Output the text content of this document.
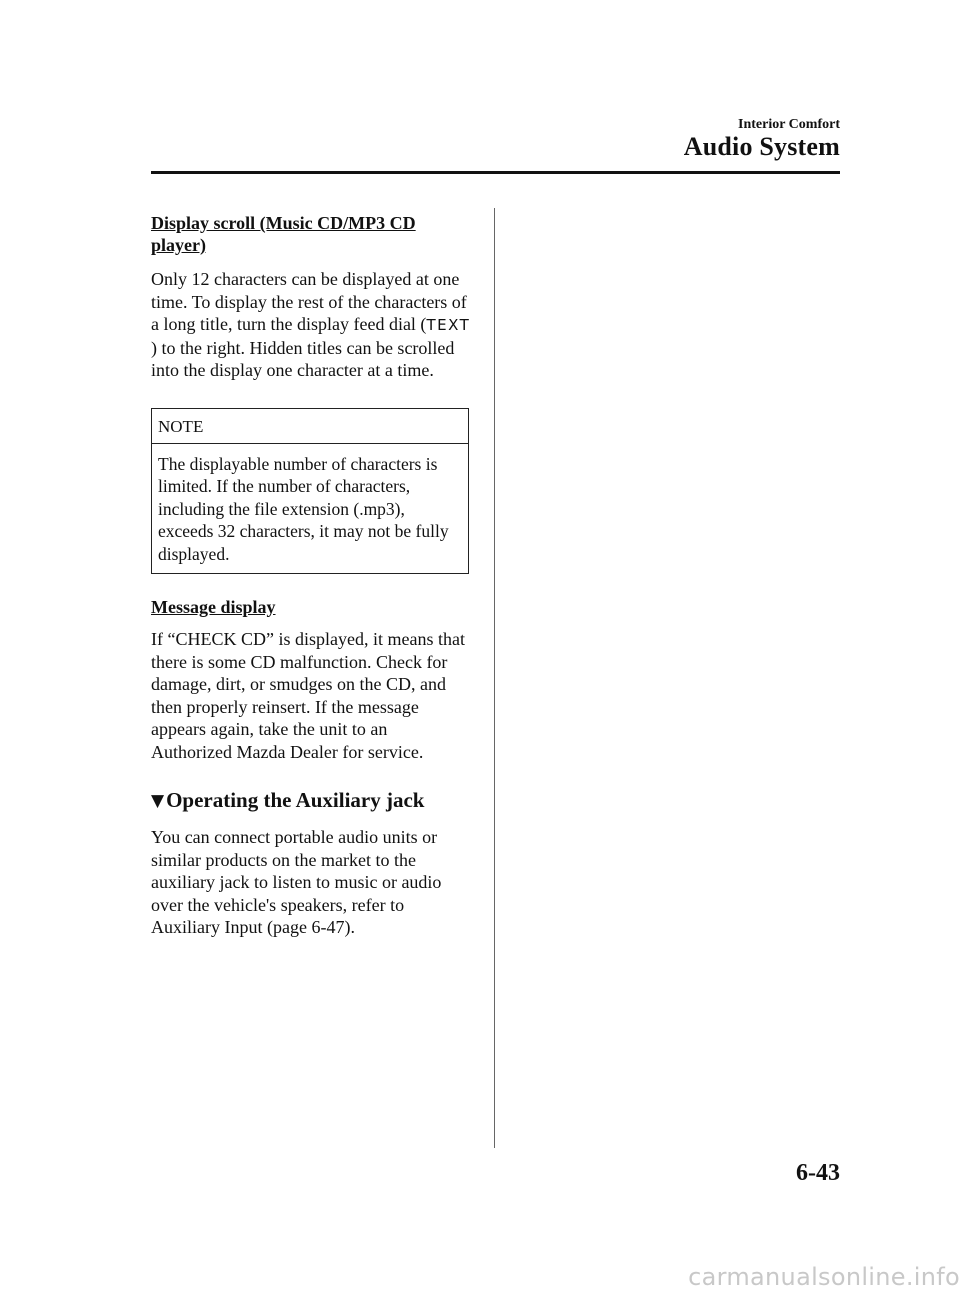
Interior Comfort
Audio System

Display scroll (Music CD/MP3 CD player)

Only 12 characters can be displayed at one time. To display the rest of the characters of a long title, turn the display feed dial (TEXT ) to the right. Hidden titles can be scrolled into the display one character at a time.

NOTE

The displayable number of characters is limited. If the number of characters, including the file extension (.mp3), exceeds 32 characters, it may not be fully displayed.

Message display

If “CHECK CD” is displayed, it means that there is some CD malfunction. Check for damage, dirt, or smudges on the CD, and then properly reinsert. If the message appears again, take the unit to an Authorized Mazda Dealer for service.

▼Operating the Auxiliary jack

You can connect portable audio units or similar products on the market to the auxiliary jack to listen to music or audio over the vehicle's speakers, refer to Auxiliary Input (page 6-47).

6-43
carmanualsonline.info
